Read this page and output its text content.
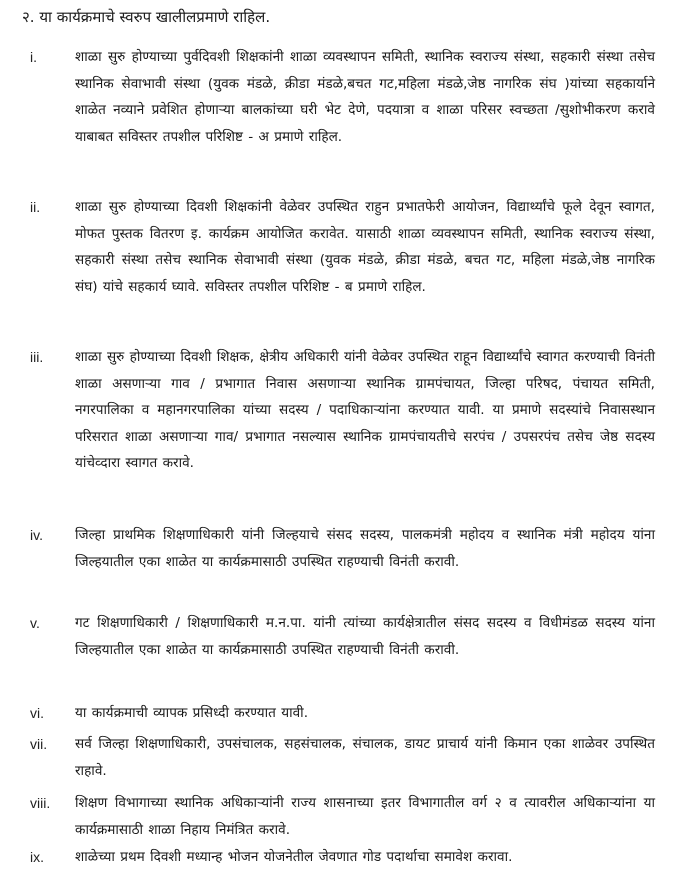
२. या कार्यक्रमाचे स्वरुप खालीलप्रमाणे राहिल.
i.	शाळा सुरु होण्याच्या पुर्वदिवशी शिक्षकांनी शाळा व्यवस्थापन समिती, स्थानिक स्वराज्य संस्था, सहकारी संस्था तसेच स्थानिक सेवाभावी संस्था (युवक मंडळे, क्रीडा मंडळे,बचत गट,महिला मंडळे,जेष्ठ नागरिक संघ )यांच्या सहकार्याने शाळेत नव्याने प्रवेशित होणाऱ्या बालकांच्या घरी भेट देणे, पदयात्रा व शाळा परिसर स्वच्छता /सुशोभीकरण करावे याबाबत सविस्तर तपशील परिशिष्ट - अ प्रमाणे राहिल.
ii.	शाळा सुरु होण्याच्या दिवशी शिक्षकांनी वेळेवर उपस्थित राहुन प्रभातफेरी आयोजन, विद्यार्थ्यांचे फूले देवून स्वागत, मोफत पुस्तक वितरण इ. कार्यक्रम आयोजित करावेत. यासाठी शाळा व्यवस्थापन समिती, स्थानिक स्वराज्य संस्था, सहकारी संस्था तसेच स्थानिक सेवाभावी संस्था (युवक मंडळे, क्रीडा मंडळे, बचत गट, महिला मंडळे,जेष्ठ नागरिक संघ) यांचे सहकार्य घ्यावे. सविस्तर तपशील परिशिष्ट - ब प्रमाणे राहिल.
iii.	शाळा सुरु होण्याच्या दिवशी शिक्षक, क्षेत्रीय अधिकारी यांनी वेळेवर उपस्थित राहून विद्यार्थ्यांचे स्वागत करण्याची विनंती शाळा असणाऱ्या गाव / प्रभागात निवास असणाऱ्या स्थानिक ग्रामपंचायत, जिल्हा परिषद, पंचायत समिती, नगरपालिका व महानगरपालिका यांच्या सदस्य / पदाधिकाऱ्यांना करण्यात यावी. या प्रमाणे सदस्यांचे निवासस्थान परिसरात शाळा असणाऱ्या गाव/ प्रभागात नसल्यास स्थानिक ग्रामपंचायतीचे सरपंच / उपसरपंच तसेच जेष्ठ सदस्य यांचेव्दारा स्वागत करावे.
iv.	जिल्हा प्राथमिक शिक्षणाधिकारी यांनी जिल्हयाचे संसद सदस्य, पालकमंत्री महोदय व स्थानिक मंत्री महोदय यांना जिल्हयातील एका शाळेत या कार्यक्रमासाठी उपस्थित राहण्याची विनंती करावी.
v.	गट शिक्षणाधिकारी / शिक्षणाधिकारी म.न.पा. यांनी त्यांच्या कार्यक्षेत्रातील संसद सदस्य व विधीमंडळ सदस्य यांना जिल्हयातील एका शाळेत या कार्यक्रमासाठी उपस्थित राहण्याची विनंती करावी.
vi.	या कार्यक्रमाची व्यापक प्रसिध्दी करण्यात यावी.
vii.	सर्व जिल्हा शिक्षणाधिकारी, उपसंचालक, सहसंचालक, संचालक, डायट प्राचार्य यांनी किमान एका शाळेवर उपस्थित राहावे.
viii.	शिक्षण विभागाच्या स्थानिक अधिकाऱ्यांनी राज्य शासनाच्या इतर विभागातील वर्ग २ व त्यावरील अधिकाऱ्यांना या कार्यक्रमासाठी शाळा निहाय निमंत्रित करावे.
ix.	शाळेच्या प्रथम दिवशी मध्यान्ह भोजन योजनेतील जेवणात गोड पदार्थाचा समावेश करावा.
